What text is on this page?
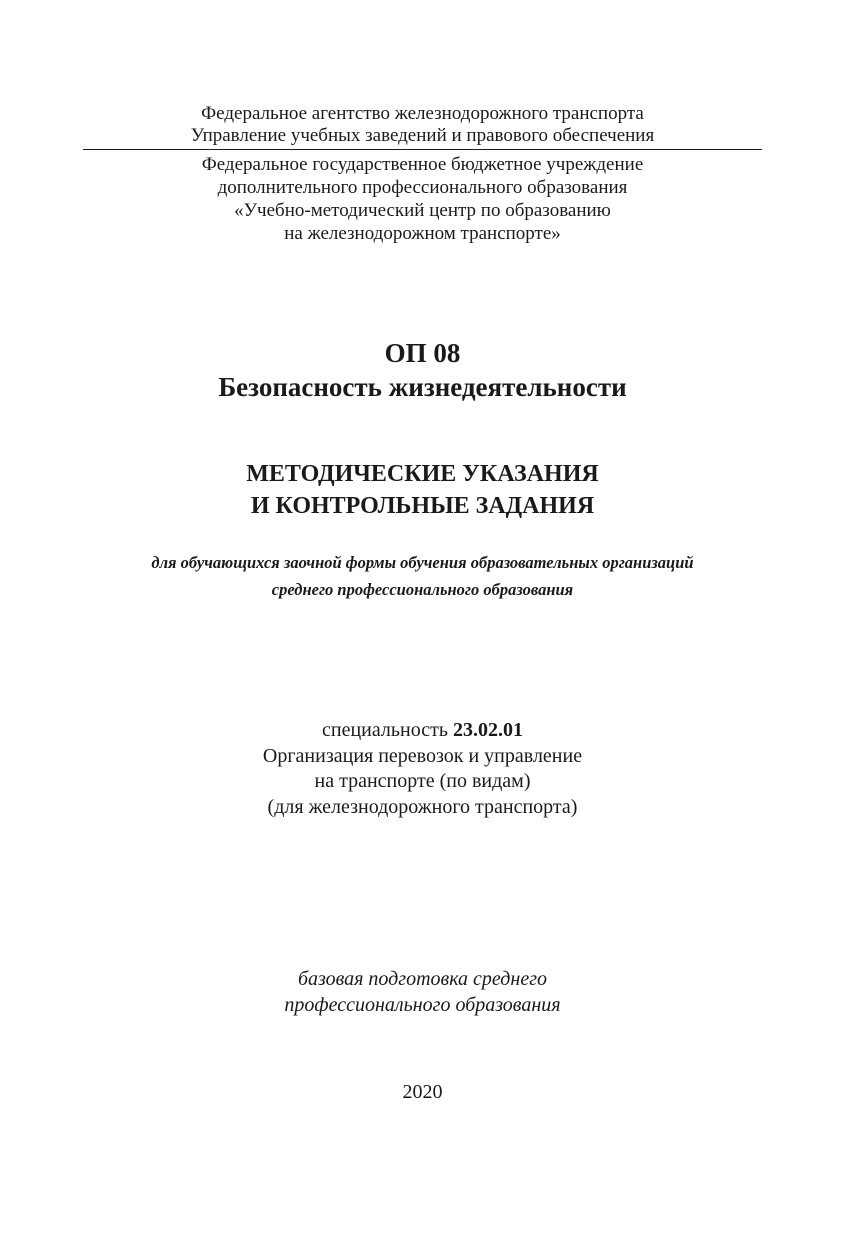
Федеральное агентство железнодорожного транспорта
Управление учебных заведений и правового обеспечения
Федеральное государственное бюджетное учреждение
дополнительного профессионального образования
«Учебно-методический центр по образованию
на железнодорожном транспорте»
ОП 08
Безопасность жизнедеятельности
МЕТОДИЧЕСКИЕ УКАЗАНИЯ
И КОНТРОЛЬНЫЕ ЗАДАНИЯ
для обучающихся заочной формы обучения образовательных организаций
среднего профессионального образования
специальность 23.02.01
Организация перевозок и управление
на транспорте (по видам)
(для железнодорожного транспорта)
базовая подготовка среднего
профессионального образования
2020
